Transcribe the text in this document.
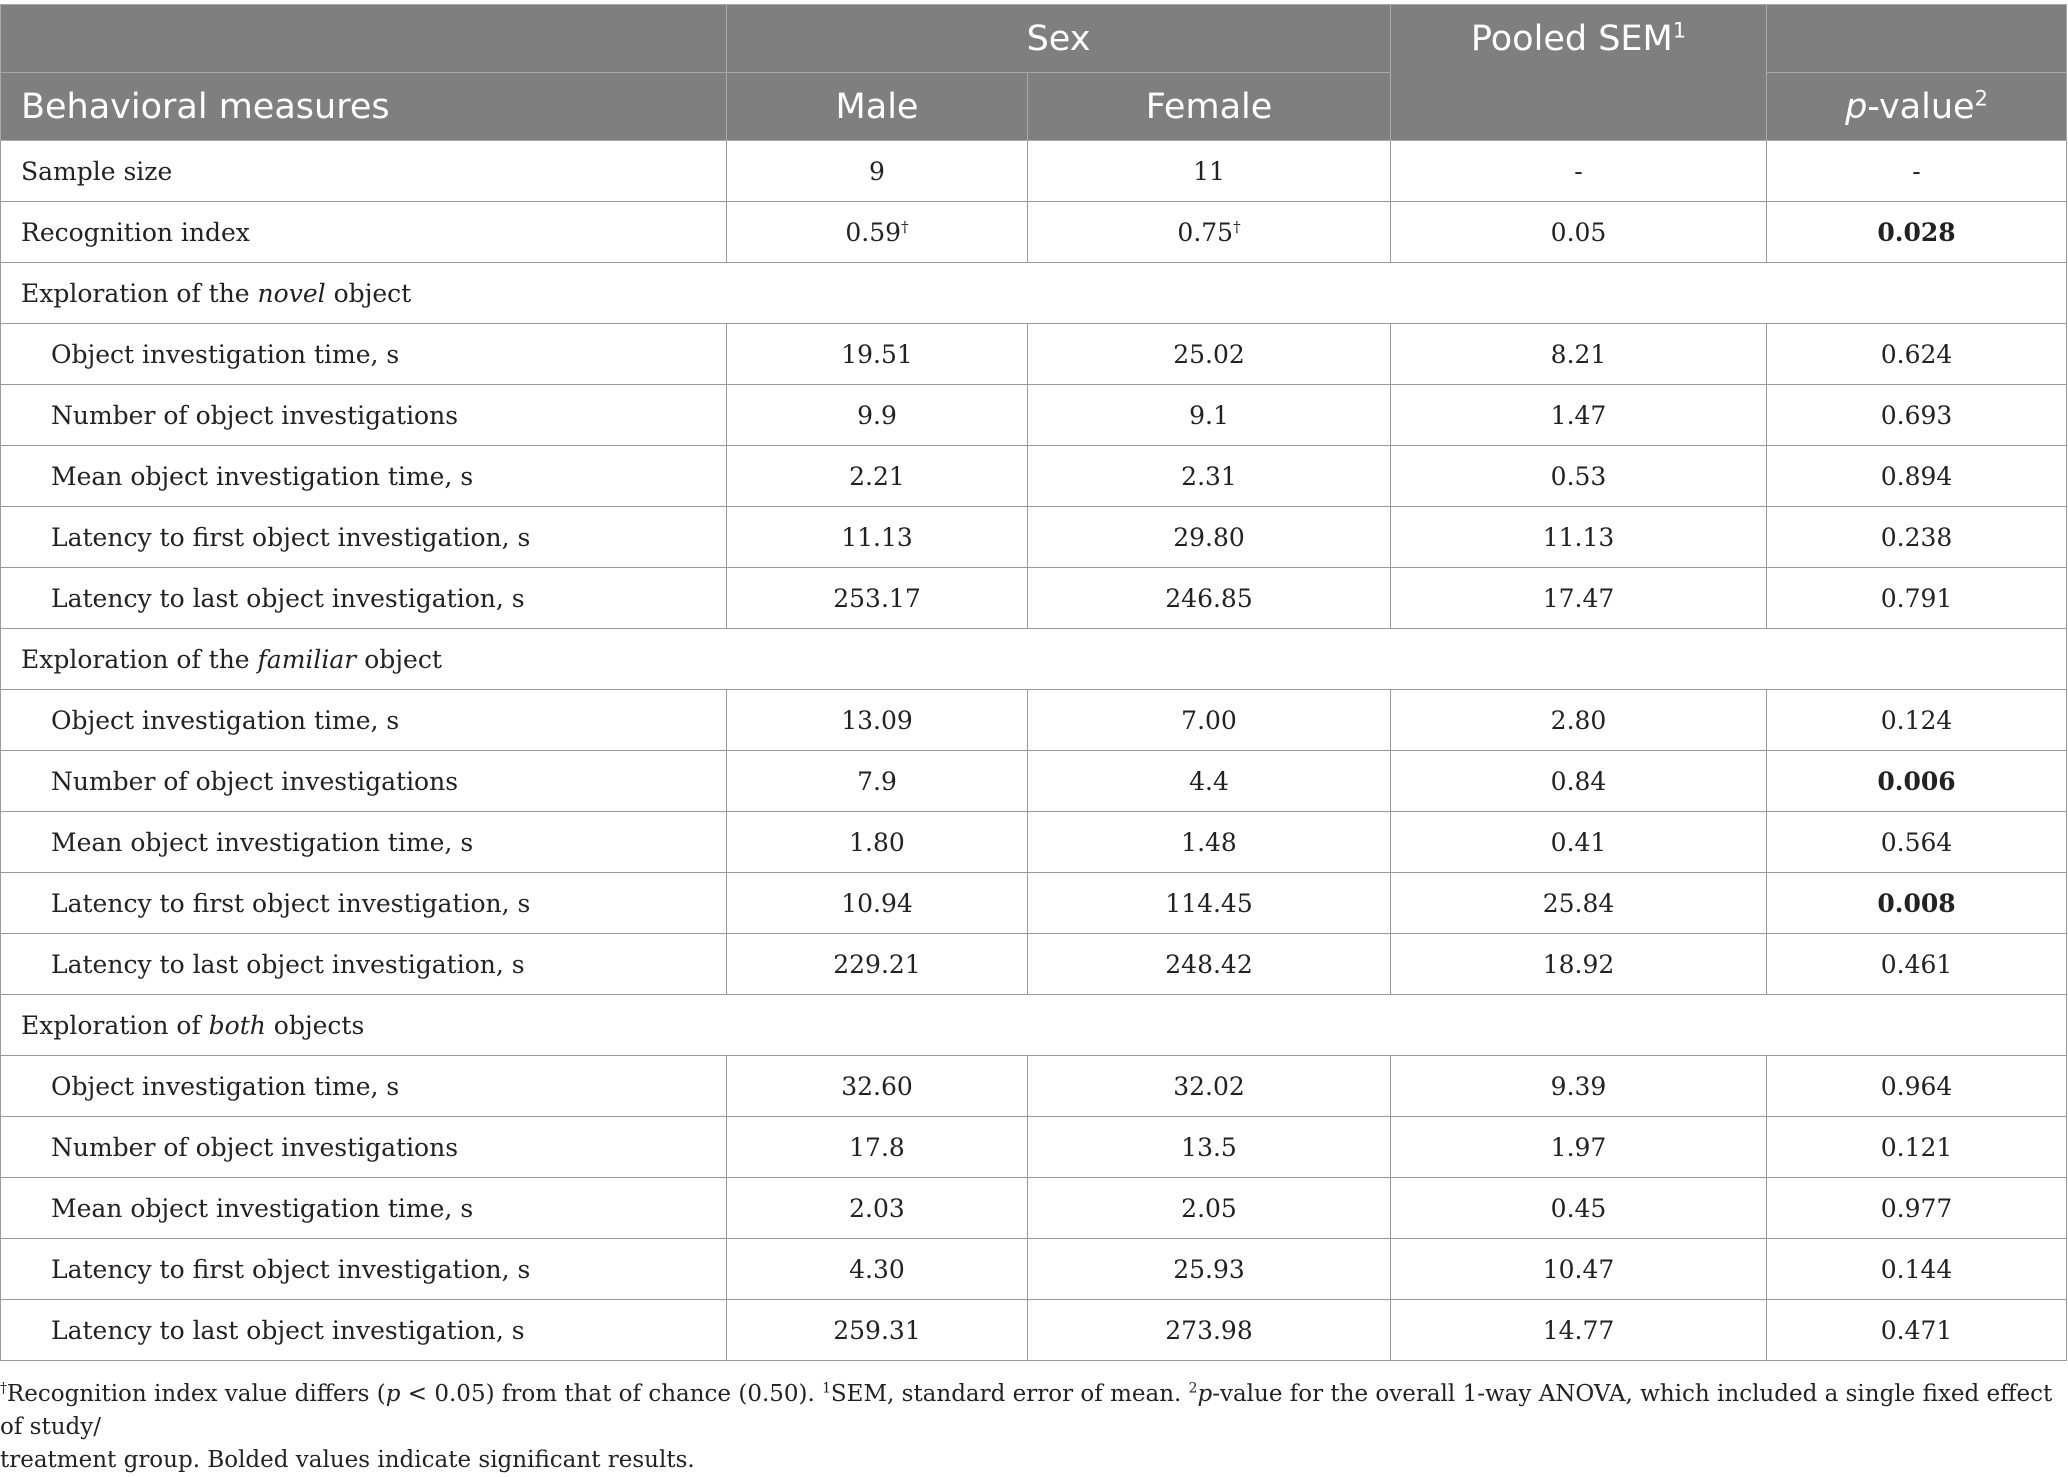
	Sex		Pooled SEM$^1$	
Behavioral measures	Male	Female		p-value$^2$
Sample size	9	11	-	-
Recognition index	0.59†	0.75†	0.05	0.028
Exploration of the novel object				
Object investigation time, s	19.51	25.02	8.21	0.624
Number of object investigations	9.9	9.1	1.47	0.693
Mean object investigation time, s	2.21	2.31	0.53	0.894
Latency to first object investigation, s	11.13	29.80	11.13	0.238
Latency to last object investigation, s	253.17	246.85	17.47	0.791
Exploration of the familiar object				
Object investigation time, s	13.09	7.00	2.80	0.124
Number of object investigations	7.9	4.4	0.84	0.006
Mean object investigation time, s	1.80	1.48	0.41	0.564
Latency to first object investigation, s	10.94	114.45	25.84	0.008
Latency to last object investigation, s	229.21	248.42	18.92	0.461
Exploration of both objects				
Object investigation time, s	32.60	32.02	9.39	0.964
Number of object investigations	17.8	13.5	1.97	0.121
Mean object investigation time, s	2.03	2.05	0.45	0.977
Latency to first object investigation, s	4.30	25.93	10.47	0.144
Latency to last object investigation, s	259.31	273.98	14.77	0.471

†Recognition index value differs (p < 0.05) from that of chance (0.50). $^1$SEM, standard error of mean. $^2$p-value for the overall 1-way ANOVA, which included a single fixed effect of study/

treatment group. Bolded values indicate significant results.
